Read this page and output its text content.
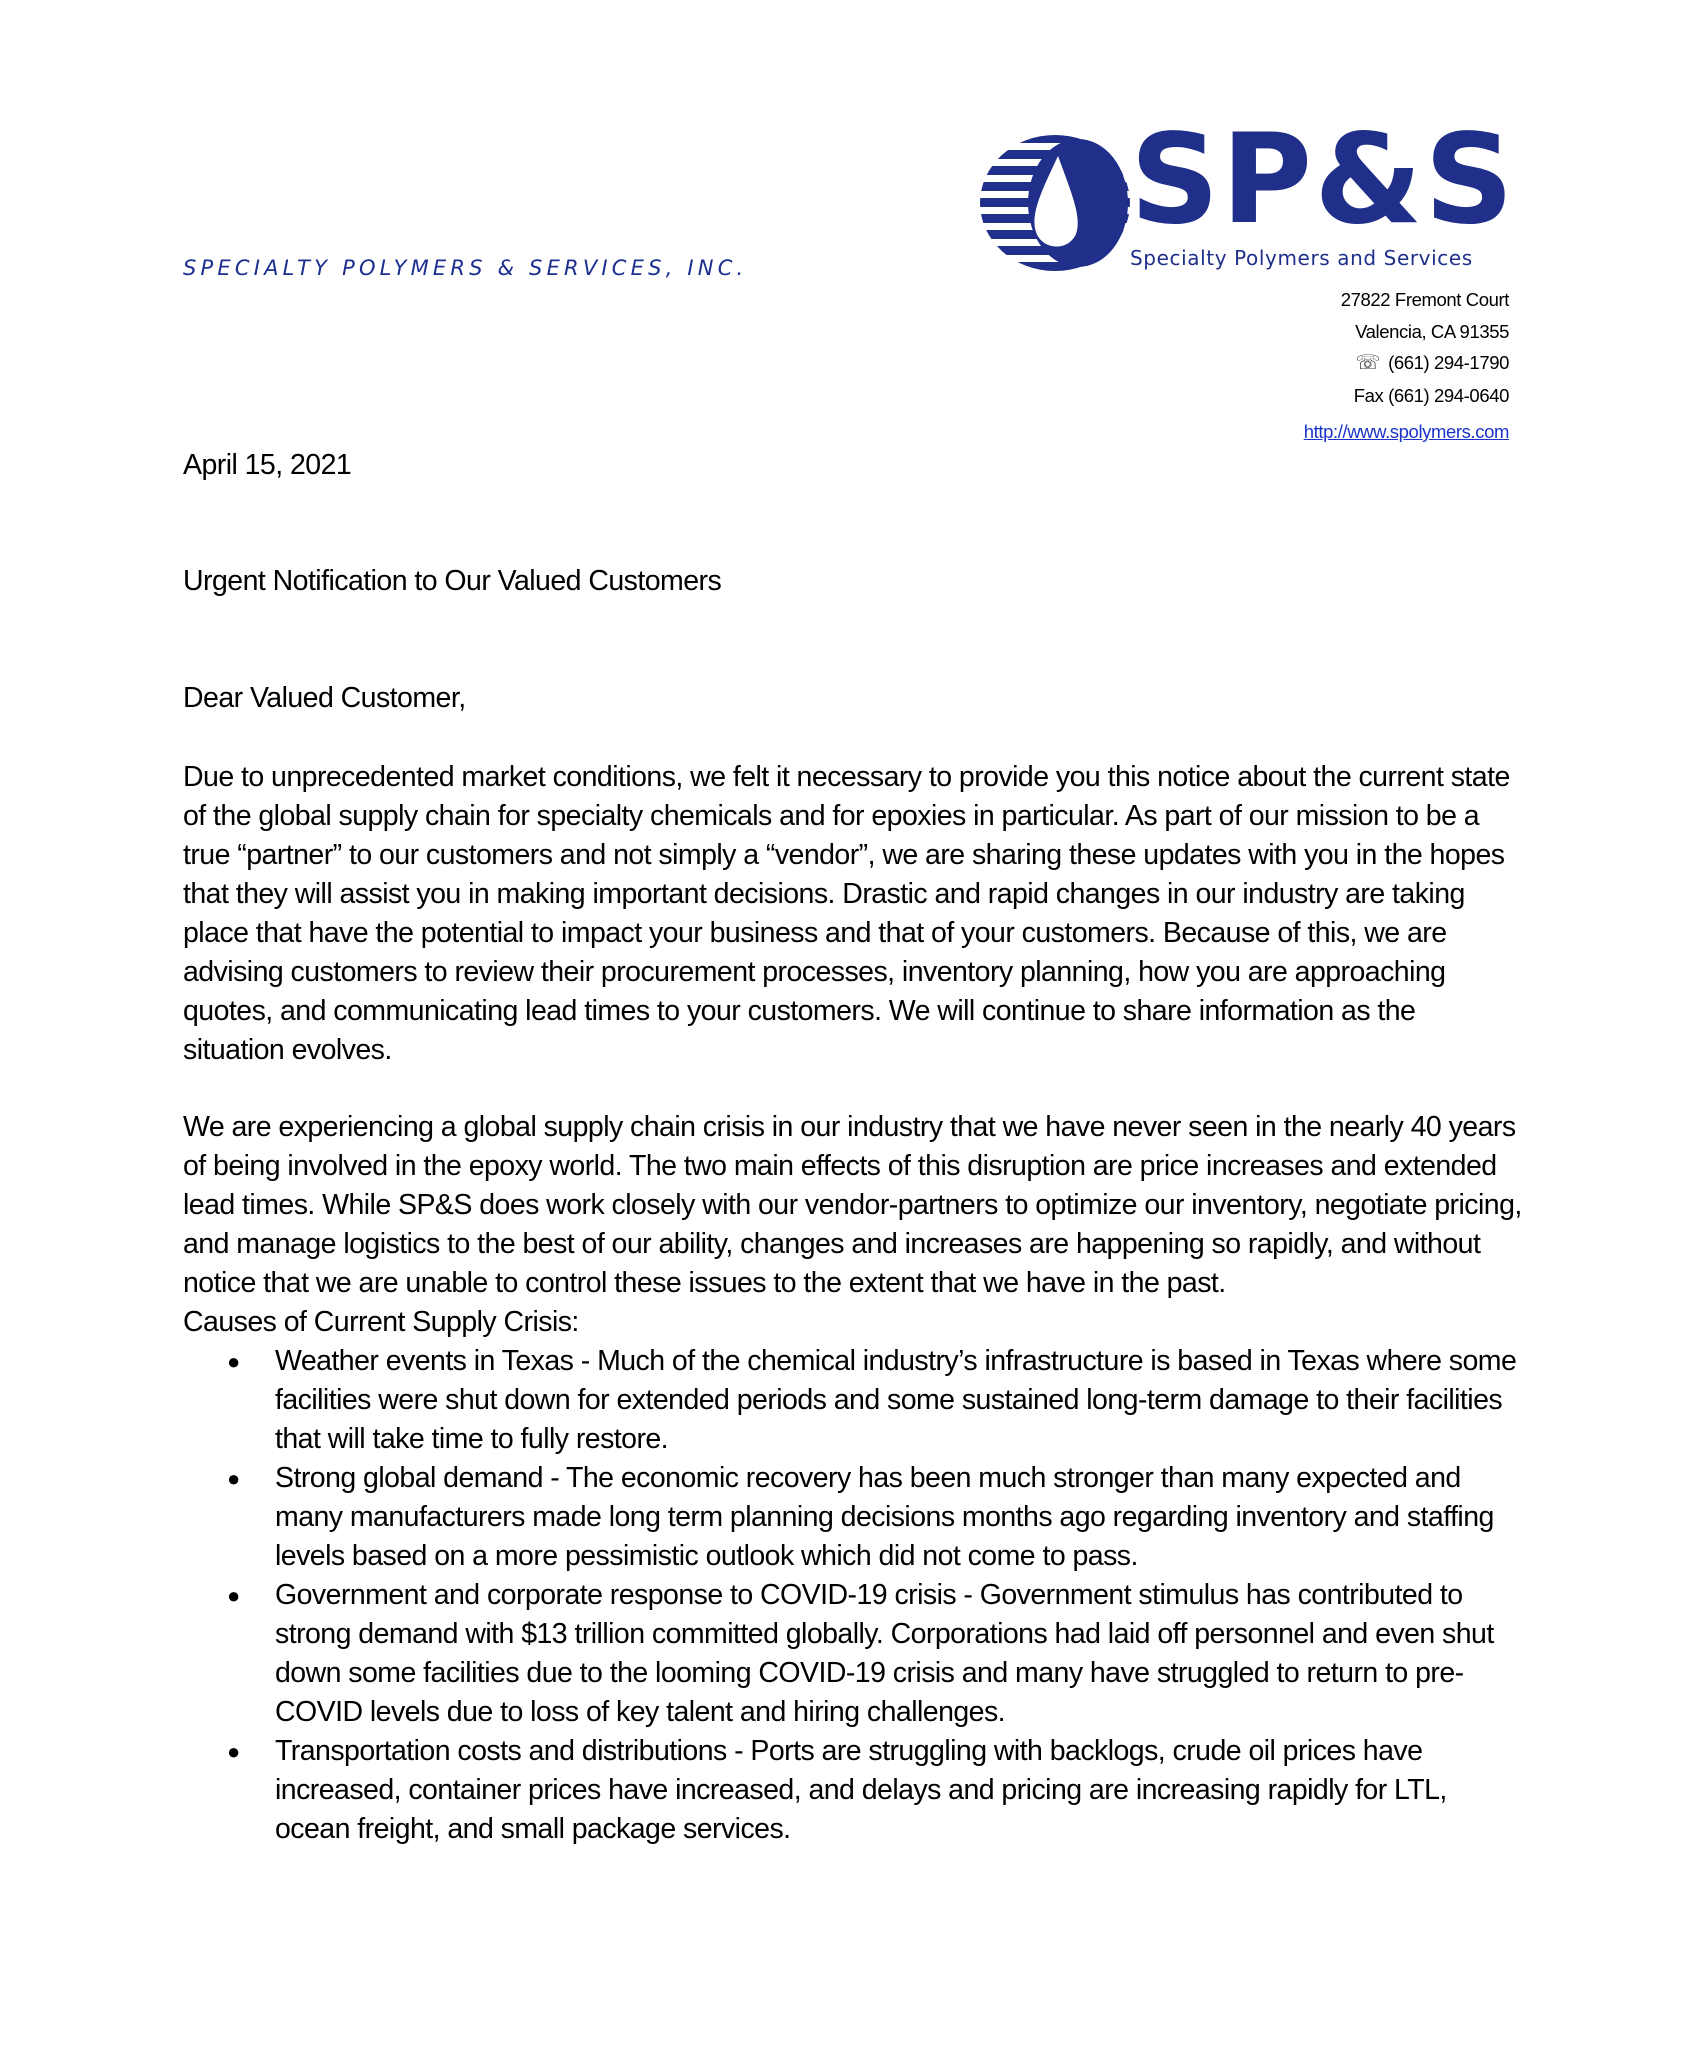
SPECIALTY POLYMERS & SERVICES, INC.
SP&S
Specialty Polymers and Services
27822 Fremont Court
Valencia, CA 91355
☏ (661) 294-1790
Fax (661) 294-0640
http://www.spolymers.com
April 15, 2021
Urgent Notification to Our Valued Customers
Dear Valued Customer,

Due to unprecedented market conditions, we felt it necessary to provide you this notice about the current state of the global supply chain for specialty chemicals and for epoxies in particular. As part of our mission to be a true “partner” to our customers and not simply a “vendor”, we are sharing these updates with you in the hopes that they will assist you in making important decisions. Drastic and rapid changes in our industry are taking place that have the potential to impact your business and that of your customers. Because of this, we are advising customers to review their procurement processes, inventory planning, how you are approaching quotes, and communicating lead times to your customers. We will continue to share information as the situation evolves.

We are experiencing a global supply chain crisis in our industry that we have never seen in the nearly 40 years of being involved in the epoxy world. The two main effects of this disruption are price increases and extended lead times. While SP&S does work closely with our vendor-partners to optimize our inventory, negotiate pricing, and manage logistics to the best of our ability, changes and increases are happening so rapidly, and without notice that we are unable to control these issues to the extent that we have in the past.

Causes of Current Supply Crisis:

● Weather events in Texas - Much of the chemical industry’s infrastructure is based in Texas where some facilities were shut down for extended periods and some sustained long-term damage to their facilities that will take time to fully restore.
● Strong global demand - The economic recovery has been much stronger than many expected and many manufacturers made long term planning decisions months ago regarding inventory and staffing levels based on a more pessimistic outlook which did not come to pass.
● Government and corporate response to COVID-19 crisis - Government stimulus has contributed to strong demand with $13 trillion committed globally. Corporations had laid off personnel and even shut down some facilities due to the looming COVID-19 crisis and many have struggled to return to pre-COVID levels due to loss of key talent and hiring challenges.
● Transportation costs and distributions - Ports are struggling with backlogs, crude oil prices have increased, container prices have increased, and delays and pricing are increasing rapidly for LTL, ocean freight, and small package services.
